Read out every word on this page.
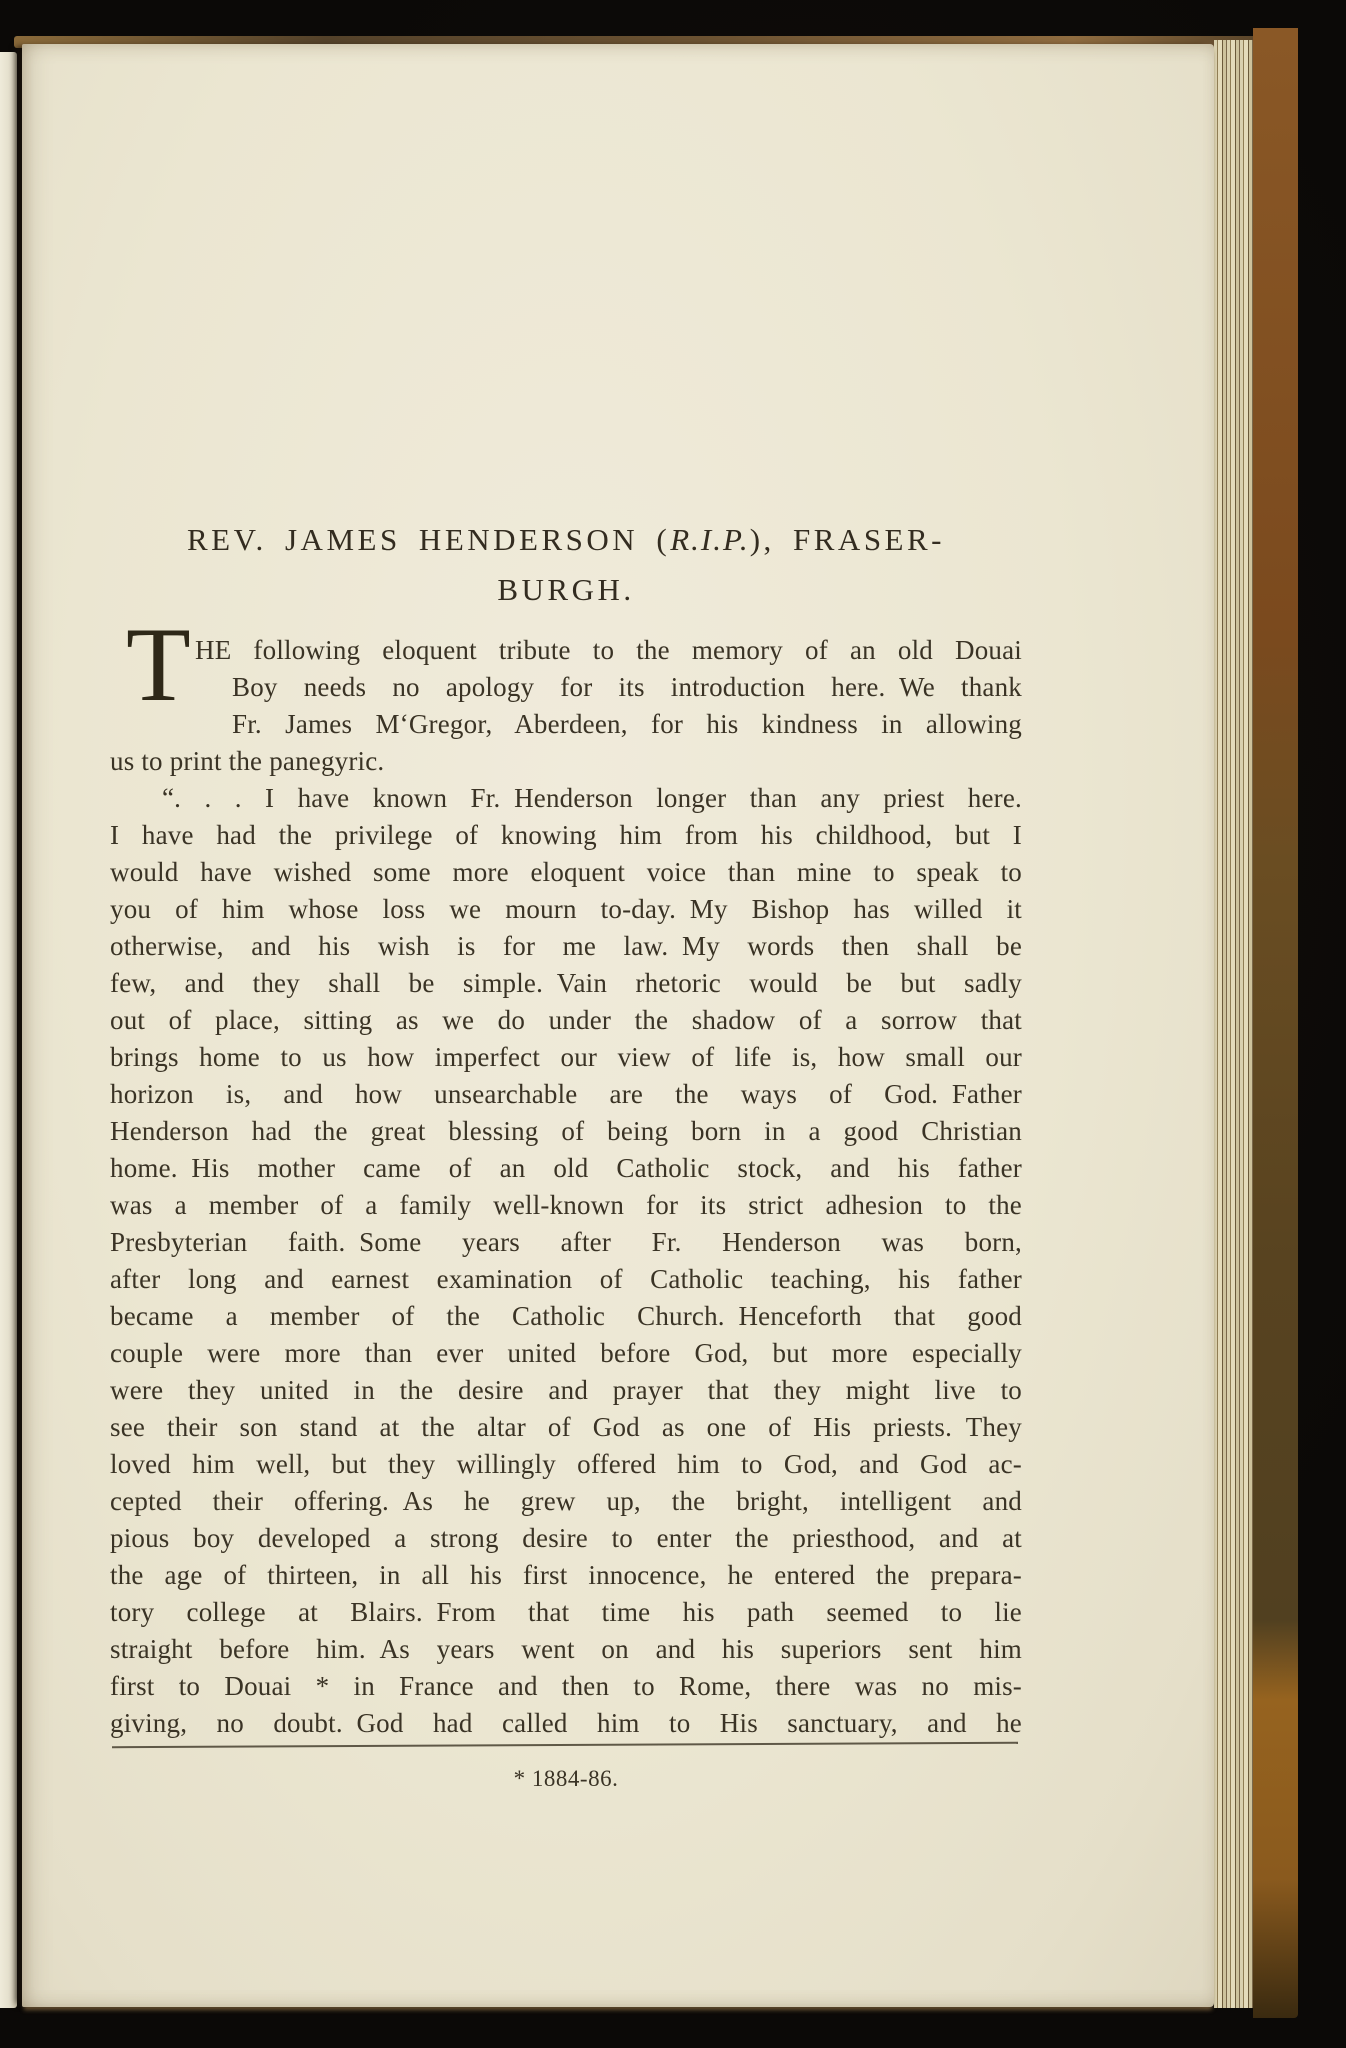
REV. JAMES HENDERSON (R.I.P.), FRASER-
BURGH.
T HE following eloquent tribute to the memory of an old Douai
Boy needs no apology for its introduction here. We thank
Fr. James M‘Gregor, Aberdeen, for his kindness in allowing
us to print the panegyric.
“. . . I have known Fr. Henderson longer than any priest here.
I have had the privilege of knowing him from his childhood, but I
would have wished some more eloquent voice than mine to speak to
you of him whose loss we mourn to-day. My Bishop has willed it
otherwise, and his wish is for me law. My words then shall be
few, and they shall be simple. Vain rhetoric would be but sadly
out of place, sitting as we do under the shadow of a sorrow that
brings home to us how imperfect our view of life is, how small our
horizon is, and how unsearchable are the ways of God. Father
Henderson had the great blessing of being born in a good Christian
home. His mother came of an old Catholic stock, and his father
was a member of a family well-known for its strict adhesion to the
Presbyterian faith. Some years after Fr. Henderson was born,
after long and earnest examination of Catholic teaching, his father
became a member of the Catholic Church. Henceforth that good
couple were more than ever united before God, but more especially
were they united in the desire and prayer that they might live to
see their son stand at the altar of God as one of His priests. They
loved him well, but they willingly offered him to God, and God ac-
cepted their offering. As he grew up, the bright, intelligent and
pious boy developed a strong desire to enter the priesthood, and at
the age of thirteen, in all his first innocence, he entered the prepara-
tory college at Blairs. From that time his path seemed to lie
straight before him. As years went on and his superiors sent him
first to Douai * in France and then to Rome, there was no mis-
giving, no doubt. God had called him to His sanctuary, and he
* 1884-86.
